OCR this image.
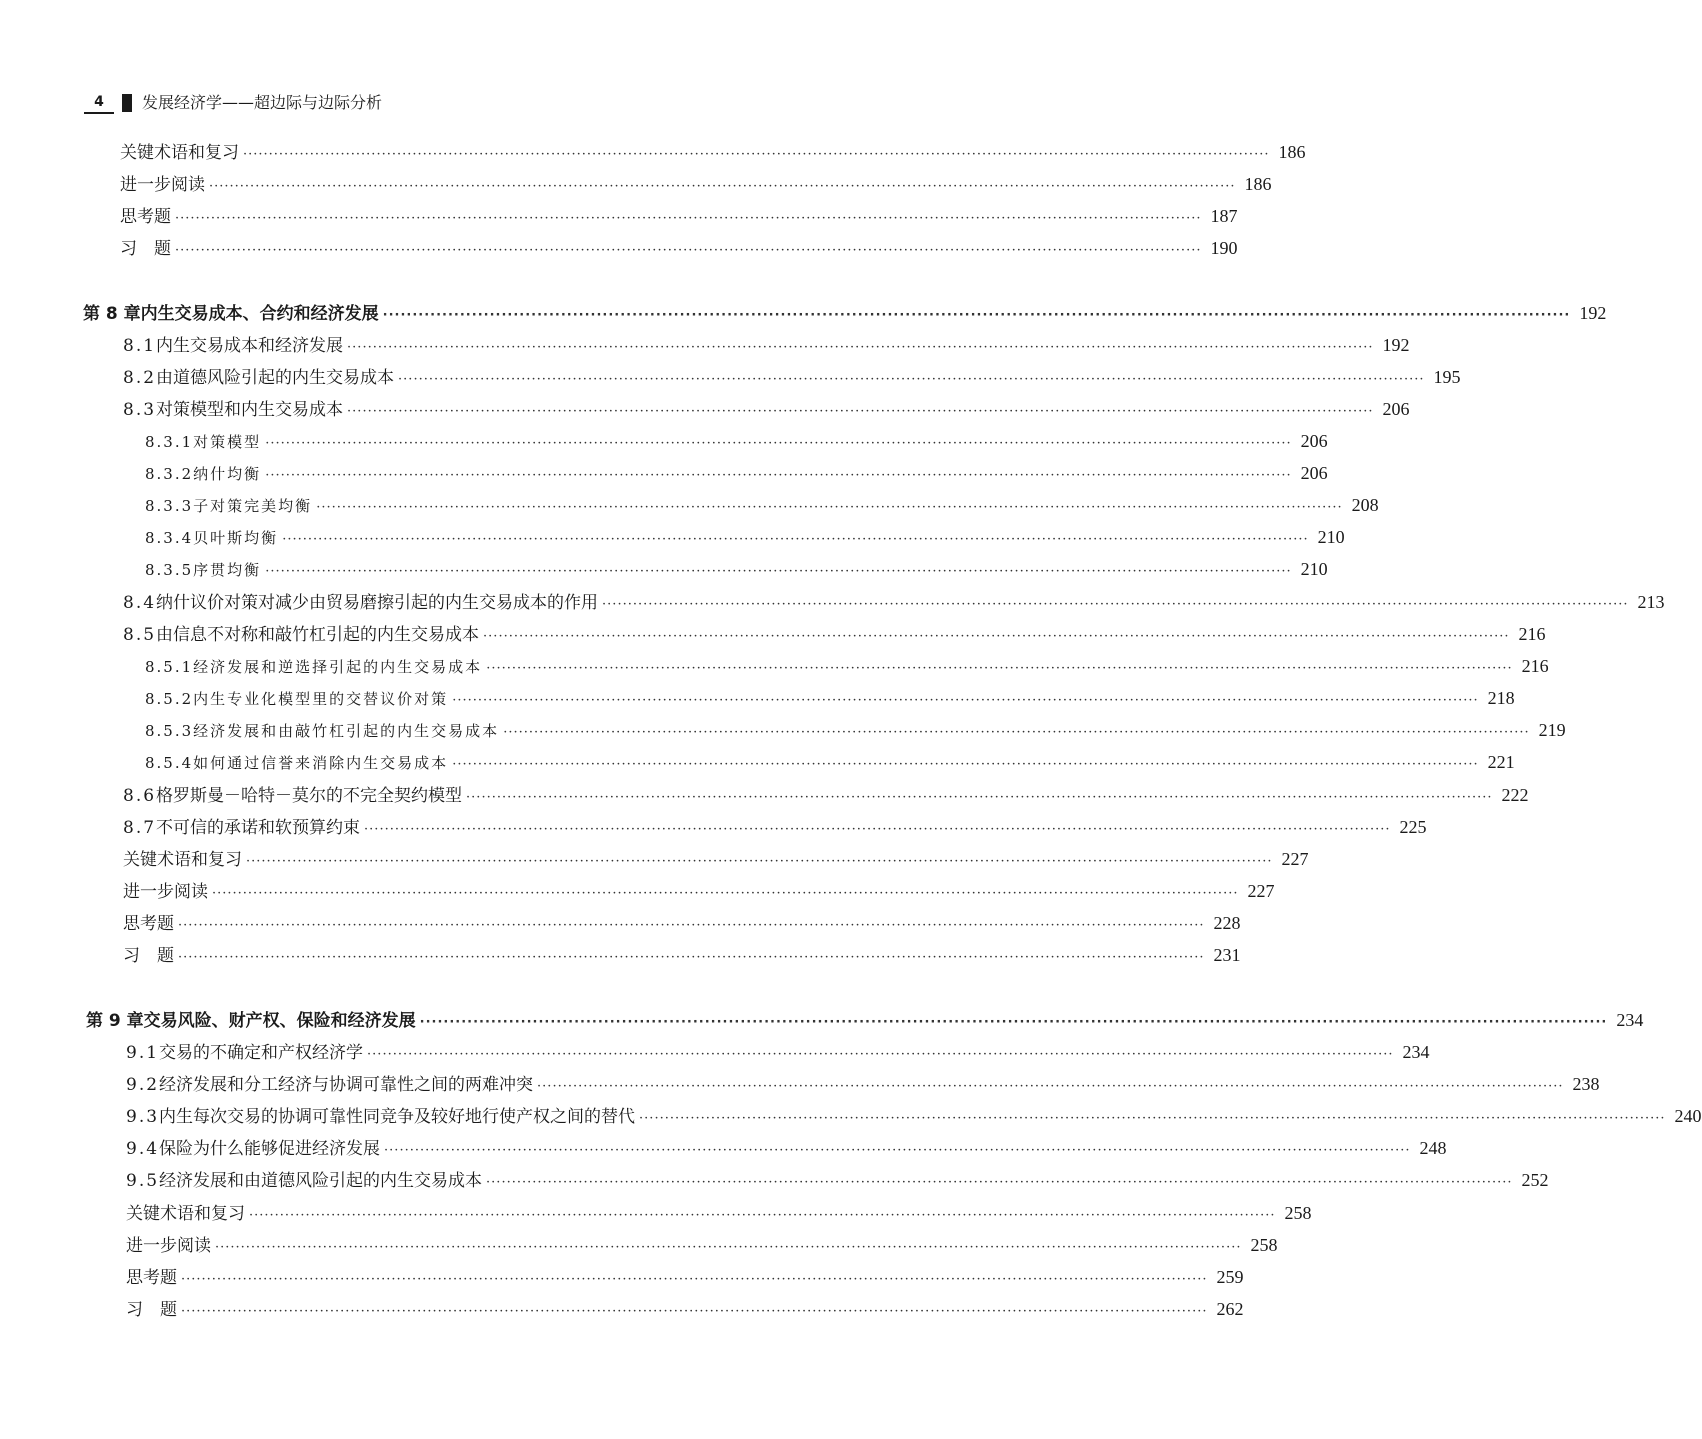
4	发展经济学——超边际与边际分析
关键术语和复习 ········································································································································································································ 186
进一步阅读 ········································································································································································································ 186
思考题 ········································································································································································································ 187
习　题 ········································································································································································································ 190
第 8 章 内生交易成本、合约和经济发展 ········································································································································································································ 192
8.1 内生交易成本和经济发展 ········································································································································································································ 192
8.2 由道德风险引起的内生交易成本 ········································································································································································································ 195
8.3 对策模型和内生交易成本 ········································································································································································································ 206
8.3.1 对策模型 ········································································································································································································ 206
8.3.2 纳什均衡 ········································································································································································································ 206
8.3.3 子对策完美均衡 ········································································································································································································ 208
8.3.4 贝叶斯均衡 ········································································································································································································ 210
8.3.5 序贯均衡 ········································································································································································································ 210
8.4 纳什议价对策对减少由贸易磨擦引起的内生交易成本的作用 ········································································································································································································ 213
8.5 由信息不对称和敲竹杠引起的内生交易成本 ········································································································································································································ 216
8.5.1 经济发展和逆选择引起的内生交易成本 ········································································································································································································ 216
8.5.2 内生专业化模型里的交替议价对策 ········································································································································································································ 218
8.5.3 经济发展和由敲竹杠引起的内生交易成本 ········································································································································································································ 219
8.5.4 如何通过信誉来消除内生交易成本 ········································································································································································································ 221
8.6 格罗斯曼－哈特－莫尔的不完全契约模型 ········································································································································································································ 222
8.7 不可信的承诺和软预算约束 ········································································································································································································ 225
关键术语和复习 ········································································································································································································ 227
进一步阅读 ········································································································································································································ 227
思考题 ········································································································································································································ 228
习　题 ········································································································································································································ 231
第 9 章 交易风险、财产权、保险和经济发展 ········································································································································································································ 234
9.1 交易的不确定和产权经济学 ········································································································································································································ 234
9.2 经济发展和分工经济与协调可靠性之间的两难冲突 ········································································································································································································ 238
9.3 内生每次交易的协调可靠性同竞争及较好地行使产权之间的替代 ········································································································································································································ 240
9.4 保险为什么能够促进经济发展 ········································································································································································································ 248
9.5 经济发展和由道德风险引起的内生交易成本 ········································································································································································································ 252
关键术语和复习 ········································································································································································································ 258
进一步阅读 ········································································································································································································ 258
思考题 ········································································································································································································ 259
习　题 ········································································································································································································ 262
